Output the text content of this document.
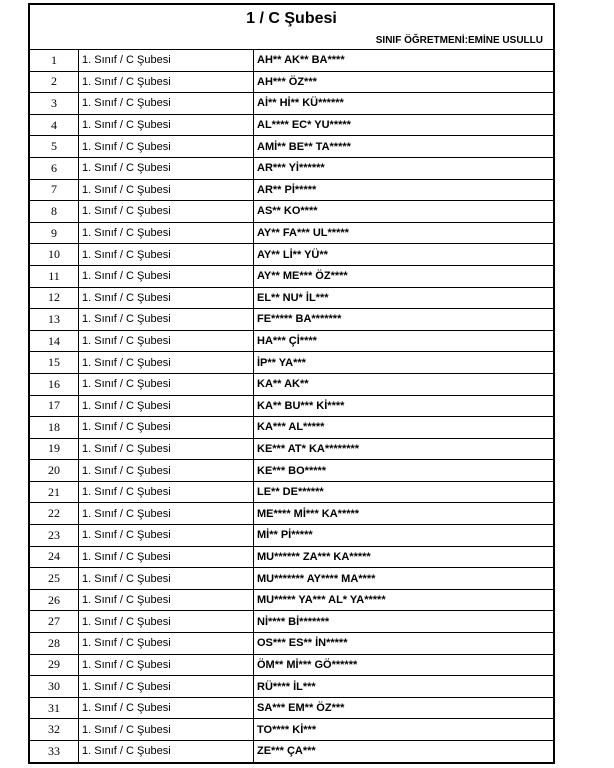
1 / C Şubesi
SINIF ÖĞRETMENİ:EMİNE USULLU
1	1. Sınıf / C Şubesi	AH** AK** BA****
2	1. Sınıf / C Şubesi	AH*** ÖZ***
3	1. Sınıf / C Şubesi	Aİ** Hİ** KÜ******
4	1. Sınıf / C Şubesi	AL**** EC* YU*****
5	1. Sınıf / C Şubesi	AMİ** BE** TA*****
6	1. Sınıf / C Şubesi	AR*** Yİ******
7	1. Sınıf / C Şubesi	AR** Pİ*****
8	1. Sınıf / C Şubesi	AS** KO****
9	1. Sınıf / C Şubesi	AY** FA*** UL*****
10	1. Sınıf / C Şubesi	AY** Lİ** YÜ**
11	1. Sınıf / C Şubesi	AY** ME*** ÖZ****
12	1. Sınıf / C Şubesi	EL** NU* İL***
13	1. Sınıf / C Şubesi	FE***** BA*******
14	1. Sınıf / C Şubesi	HA*** Çİ****
15	1. Sınıf / C Şubesi	İP** YA***
16	1. Sınıf / C Şubesi	KA** AK**
17	1. Sınıf / C Şubesi	KA** BU*** Kİ****
18	1. Sınıf / C Şubesi	KA*** AL*****
19	1. Sınıf / C Şubesi	KE*** AT* KA********
20	1. Sınıf / C Şubesi	KE*** BO*****
21	1. Sınıf / C Şubesi	LE** DE******
22	1. Sınıf / C Şubesi	ME**** Mİ*** KA*****
23	1. Sınıf / C Şubesi	Mİ** Pİ*****
24	1. Sınıf / C Şubesi	MU****** ZA*** KA*****
25	1. Sınıf / C Şubesi	MU******* AY**** MA****
26	1. Sınıf / C Şubesi	MU***** YA*** AL* YA*****
27	1. Sınıf / C Şubesi	Nİ**** Bİ*******
28	1. Sınıf / C Şubesi	OS*** ES** İN*****
29	1. Sınıf / C Şubesi	ÖM** Mİ*** GÖ******
30	1. Sınıf / C Şubesi	RÜ**** İL***
31	1. Sınıf / C Şubesi	SA*** EM** ÖZ***
32	1. Sınıf / C Şubesi	TO**** Kİ***
33	1. Sınıf / C Şubesi	ZE*** ÇA***
